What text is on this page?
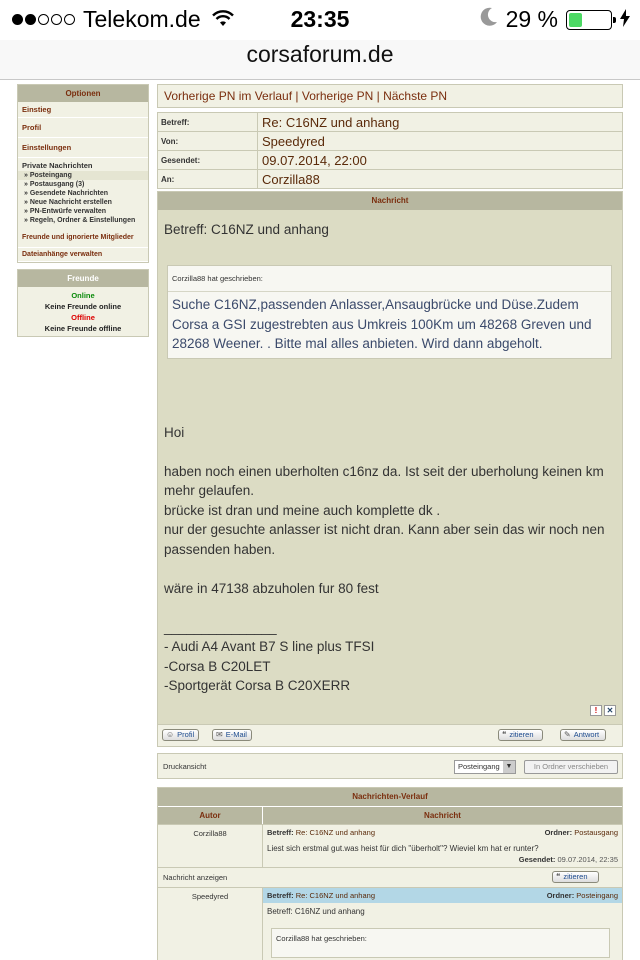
Telekom.de	23:35	29 %
corsaforum.de
Optionen
Einstieg
Profil
Einstellungen
Private Nachrichten
» Posteingang
» Postausgang (3)
» Gesendete Nachrichten
» Neue Nachricht erstellen
» PN-Entwürfe verwalten
» Regeln, Ordner & Einstellungen
Freunde und ignorierte Mitglieder
Dateianhänge verwalten
Freunde
Online
Keine Freunde online
Offline
Keine Freunde offline
Vorherige PN im Verlauf | Vorherige PN | Nächste PN
Betreff:	Re: C16NZ und anhang
Von:	Speedyred
Gesendet:	09.07.2014, 22:00
An:	Corzilla88
Nachricht
Betreff: C16NZ und anhang
Corzilla88 hat geschrieben:
Suche C16NZ,passenden Anlasser,Ansaugbrücke und Düse.Zudem Corsa a GSI zugestrebten aus Umkreis 100Km um 48268 Greven und 28268 Weener. . Bitte mal alles anbieten. Wird dann abgeholt.

Hoi

haben noch einen uberholten c16nz da. Ist seit der uberholung keinen km mehr gelaufen.

brücke ist dran und meine auch komplette dk .

nur der gesuchte anlasser ist nicht dran. Kann aber sein das wir noch nen passenden haben.

wäre in 47138 abzuholen fur 80 fest

_______________

- Audi A4 Avant B7 S line plus TFSI

-Corsa B C20LET

-Sportgerät Corsa B C20XERR

!	✕
☺ Profil	✉ E-Mail	❝ zitieren	✎ Antwort
Druckansicht	Posteingang ▼	In Ordner verschieben
Nachrichten-Verlauf
Autor	Nachricht
Corzilla88	Betreff: Re: C16NZ und anhang	Ordner: Postausgang
Liest sich erstmal gut.was heist für dich "überholt"? Wieviel km hat er runter?
Gesendet: 09.07.2014, 22:35
Nachricht anzeigen	❝ zitieren
Speedyred	Betreff: Re: C16NZ und anhang	Ordner: Posteingang
Betreff: C16NZ und anhang
Corzilla88 hat geschrieben:
